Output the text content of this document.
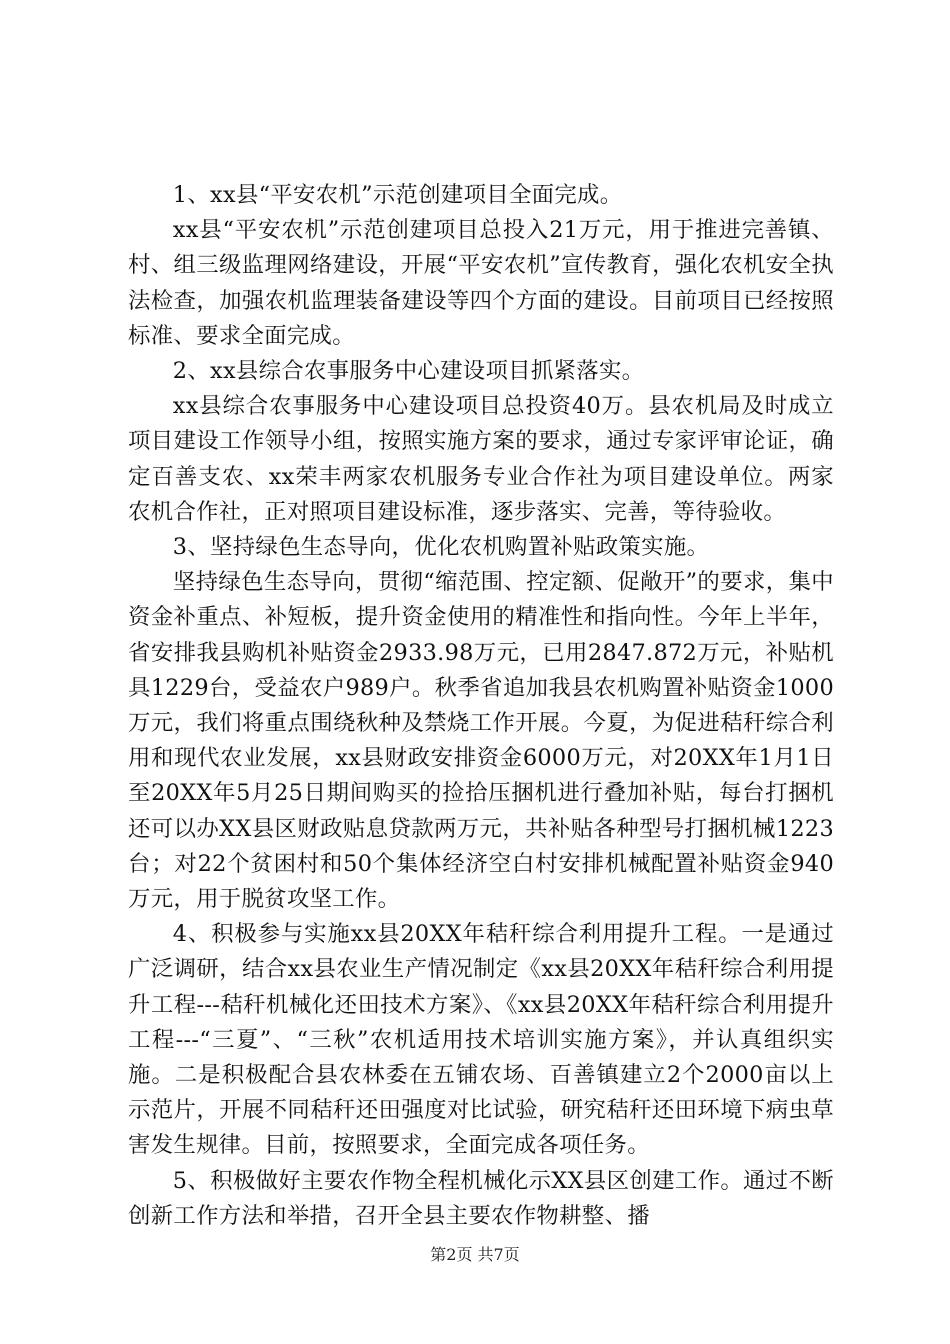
1、xx县“平安农机”示范创建项目全面完成。

xx县“平安农机”示范创建项目总投入21万元，用于推进完善镇、村、组三级监理网络建设，开展“平安农机”宣传教育，强化农机安全执法检查，加强农机监理装备建设等四个方面的建设。目前项目已经按照标准、要求全面完成。

2、xx县综合农事服务中心建设项目抓紧落实。

xx县综合农事服务中心建设项目总投资40万。县农机局及时成立项目建设工作领导小组，按照实施方案的要求，通过专家评审论证，确定百善支农、xx荣丰两家农机服务专业合作社为项目建设单位。两家农机合作社，正对照项目建设标准，逐步落实、完善，等待验收。

3、坚持绿色生态导向，优化农机购置补贴政策实施。

坚持绿色生态导向，贯彻“缩范围、控定额、促敞开”的要求，集中资金补重点、补短板，提升资金使用的精准性和指向性。今年上半年，省安排我县购机补贴资金2933.98万元，已用2847.872万元，补贴机具1229台，受益农户989户。秋季省追加我县农机购置补贴资金1000万元，我们将重点围绕秋种及禁烧工作开展。今夏，为促进秸秆综合利用和现代农业发展，xx县财政安排资金6000万元，对20XX年1月1日至20XX年5月25日期间购买的捡拾压捆机进行叠加补贴，每台打捆机还可以办XX县区财政贴息贷款两万元，共补贴各种型号打捆机械1223台；对22个贫困村和50个集体经济空白村安排机械配置补贴资金940万元，用于脱贫攻坚工作。

4、积极参与实施xx县20XX年秸秆综合利用提升工程。一是通过广泛调研，结合xx县农业生产情况制定《xx县20XX年秸秆综合利用提升工程---秸秆机械化还田技术方案》、《xx县20XX年秸秆综合利用提升工程---“三夏”、“三秋”农机适用技术培训实施方案》，并认真组织实施。二是积极配合县农林委在五铺农场、百善镇建立2个2000亩以上示范片，开展不同秸秆还田强度对比试验，研究秸秆还田环境下病虫草害发生规律。目前，按照要求，全面完成各项任务。

5、积极做好主要农作物全程机械化示XX县区创建工作。通过不断创新工作方法和举措，召开全县主要农作物耕整、播

第2页 共7页
